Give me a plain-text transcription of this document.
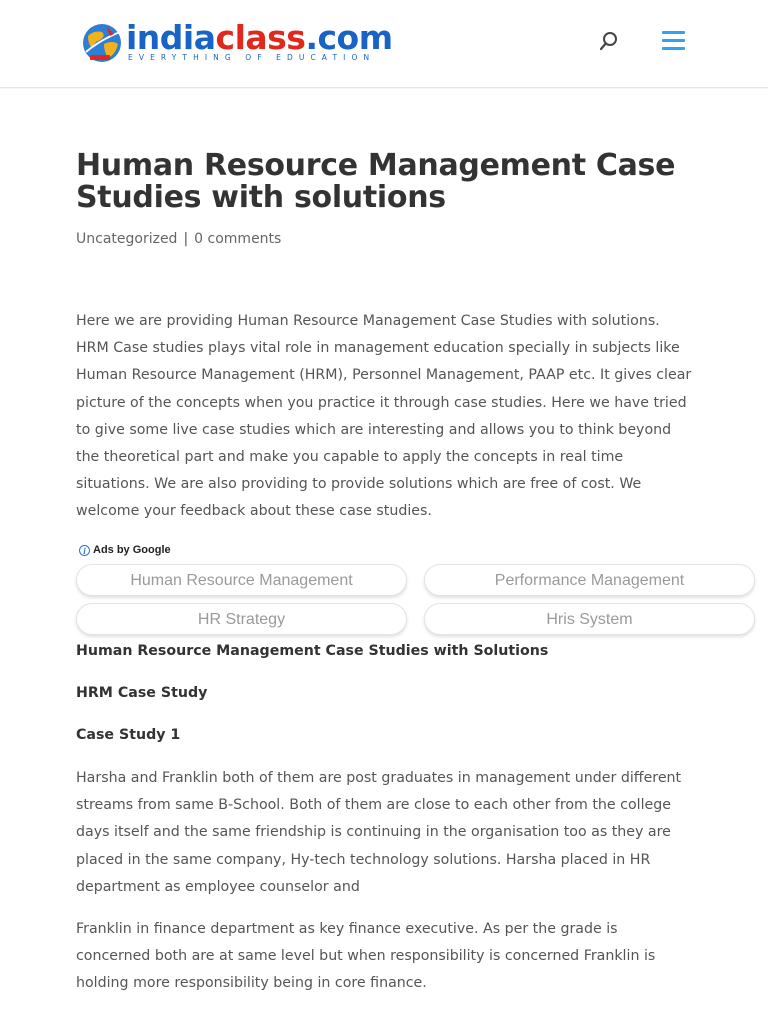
indiaclass.com
EVERYTHING OF EDUCATION
Human Resource Management Case Studies with solutions
Uncategorized | 0 comments

Here we are providing Human Resource Management Case Studies with solutions. HRM Case studies plays vital role in management education specially in subjects like Human Resource Management (HRM), Personnel Management, PAAP etc. It gives clear picture of the concepts when you practice it through case studies. Here we have tried to give some live case studies which are interesting and allows you to think beyond the theoretical part and make you capable to apply the concepts in real time situations. We are also providing to provide solutions which are free of cost. We welcome your feedback about these case studies.

i Ads by Google
Human Resource Management	Performance Management
HR Strategy	Hris System

Human Resource Management Case Studies with Solutions

HRM Case Study

Case Study 1

Harsha and Franklin both of them are post graduates in management under different streams from same B-School. Both of them are close to each other from the college days itself and the same friendship is continuing in the organisation too as they are placed in the same company, Hy-tech technology solutions. Harsha placed in HR department as employee counselor and

Franklin in finance department as key finance executive. As per the grade is concerned both are at same level but when responsibility is concerned Franklin is holding more responsibility being in core finance.
